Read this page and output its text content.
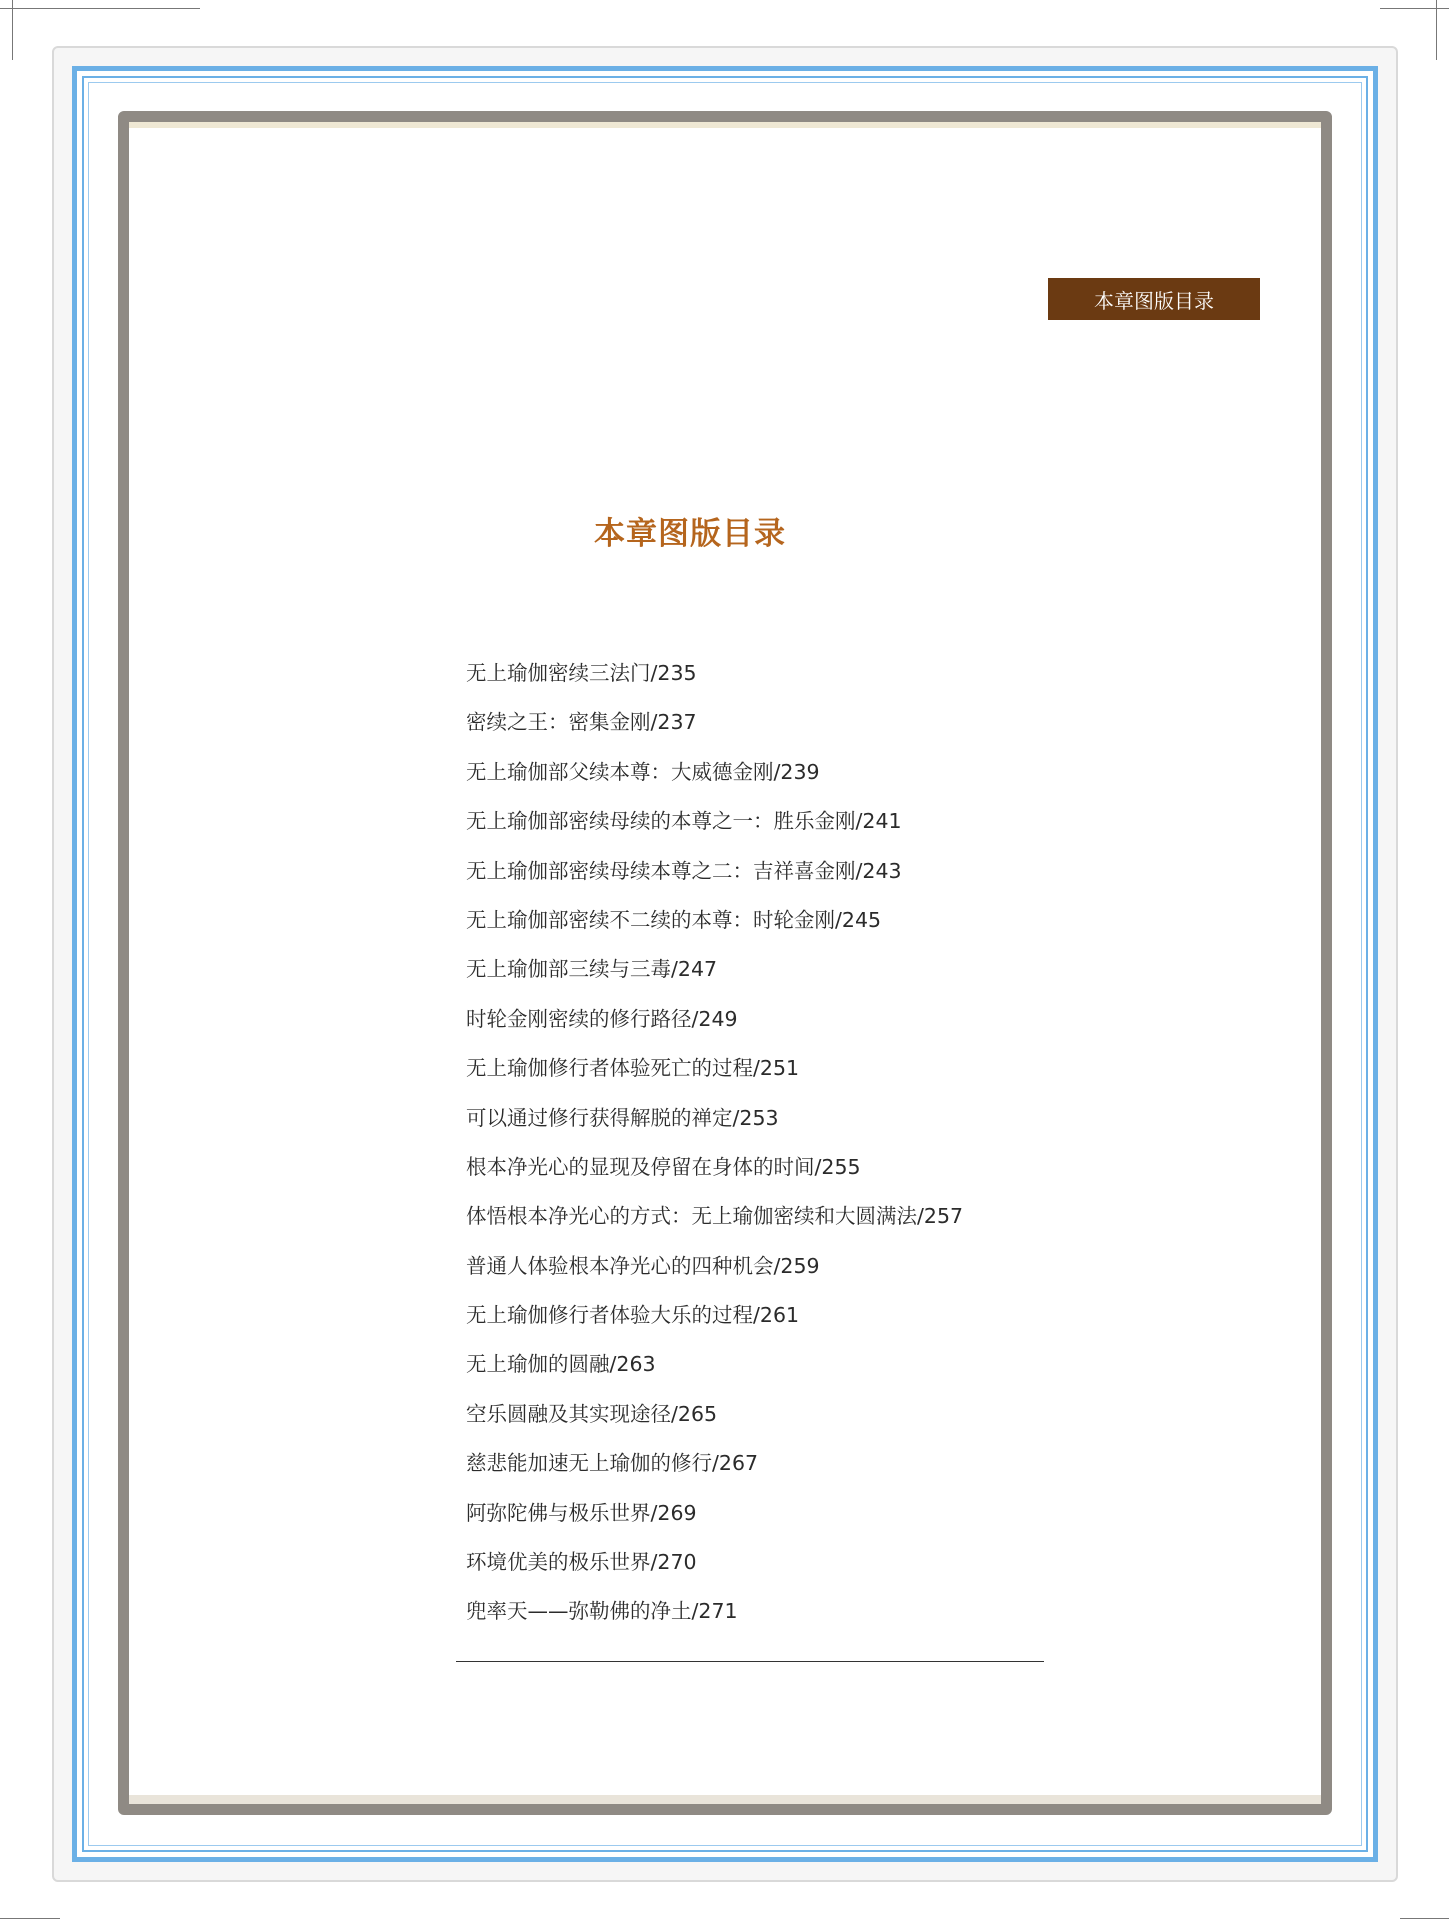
本章图版目录
本章图版目录
无上瑜伽密续三法门/235
密续之王：密集金刚/237
无上瑜伽部父续本尊：大威德金刚/239
无上瑜伽部密续母续的本尊之一：胜乐金刚/241
无上瑜伽部密续母续本尊之二：吉祥喜金刚/243
无上瑜伽部密续不二续的本尊：时轮金刚/245
无上瑜伽部三续与三毒/247
时轮金刚密续的修行路径/249
无上瑜伽修行者体验死亡的过程/251
可以通过修行获得解脱的禅定/253
根本净光心的显现及停留在身体的时间/255
体悟根本净光心的方式：无上瑜伽密续和大圆满法/257
普通人体验根本净光心的四种机会/259
无上瑜伽修行者体验大乐的过程/261
无上瑜伽的圆融/263
空乐圆融及其实现途径/265
慈悲能加速无上瑜伽的修行/267
阿弥陀佛与极乐世界/269
环境优美的极乐世界/270
兜率天——弥勒佛的净土/271
